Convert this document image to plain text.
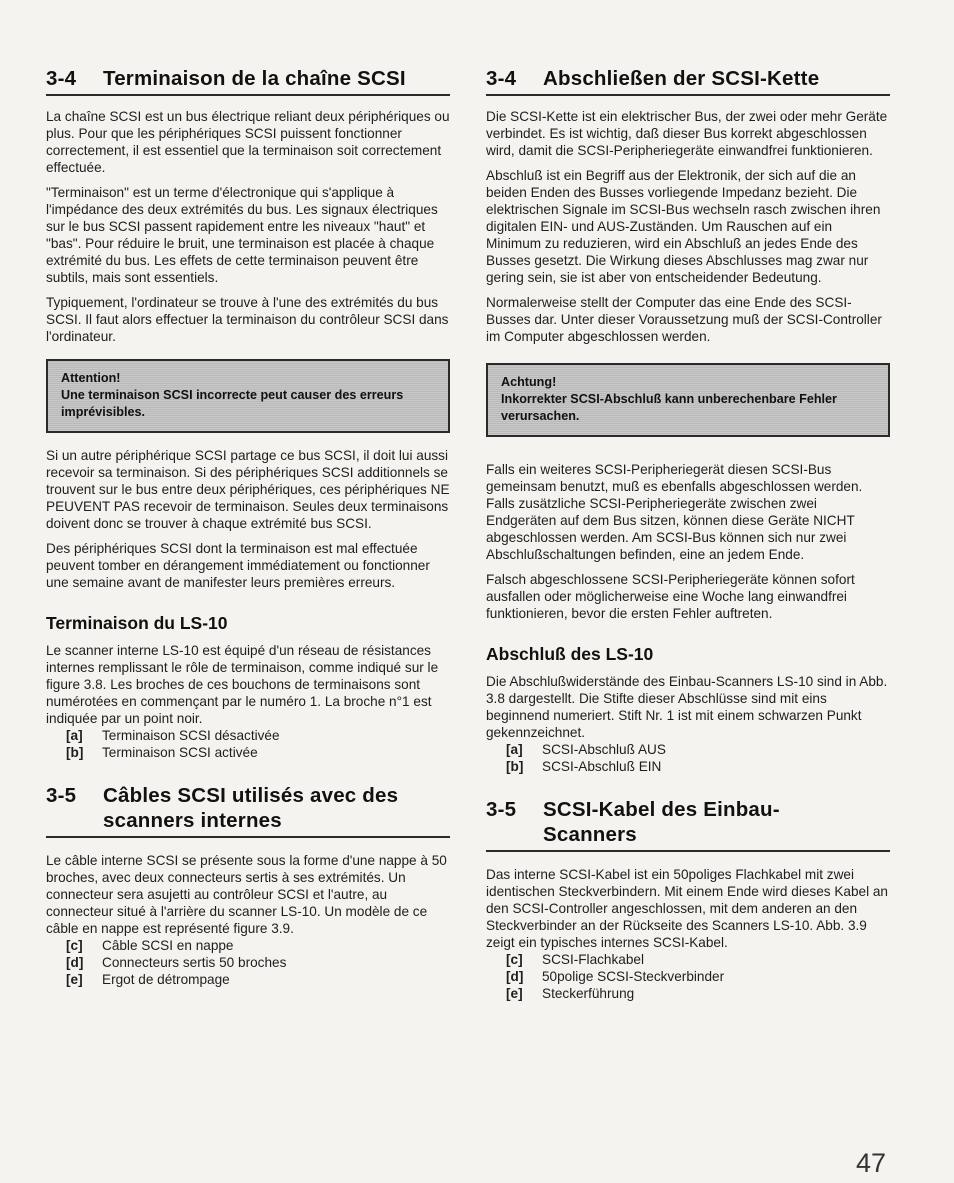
3-4	Terminaison de la chaîne SCSI

La chaîne SCSI est un bus électrique reliant deux périphériques ou plus. Pour que les périphériques SCSI puissent fonctionner correctement, il est essentiel que la terminaison soit correctement effectuée.

"Terminaison" est un terme d'électronique qui s'applique à l'impédance des deux extrémités du bus. Les signaux électriques sur le bus SCSI passent rapidement entre les niveaux "haut" et "bas". Pour réduire le bruit, une terminaison est placée à chaque extrémité du bus. Les effets de cette terminaison peuvent être subtils, mais sont essentiels.

Typiquement, l'ordinateur se trouve à l'une des extrémités du bus SCSI. Il faut alors effectuer la terminaison du contrôleur SCSI dans l'ordinateur.

Attention!
Une terminaison SCSI incorrecte peut causer des erreurs imprévisibles.

Si un autre périphérique SCSI partage ce bus SCSI, il doit lui aussi recevoir sa terminaison. Si des périphériques SCSI additionnels se trouvent sur le bus entre deux périphériques, ces périphériques NE PEUVENT PAS recevoir de terminaison. Seules deux terminaisons doivent donc se trouver à chaque extrémité bus SCSI.

Des périphériques SCSI dont la terminaison est mal effectuée peuvent tomber en dérangement immédiatement ou fonctionner une semaine avant de manifester leurs premières erreurs.

Terminaison du LS-10

Le scanner interne LS-10 est équipé d'un réseau de résistances internes remplissant le rôle de terminaison, comme indiqué sur le figure 3.8. Les broches de ces bouchons de terminaisons sont numérotées en commençant par le numéro 1. La broche n°1 est indiquée par un point noir.

[a]	Terminaison SCSI désactivée
[b]	Terminaison SCSI activée
3-5	Câbles SCSI utilisés avec des
scanners internes

Le câble interne SCSI se présente sous la forme d'une nappe à 50 broches, avec deux connecteurs sertis à ses extrémités. Un connecteur sera asujetti au contrôleur SCSI et l'autre, au connecteur situé à l'arrière du scanner LS-10. Un modèle de ce câble en nappe est représenté figure 3.9.

[c]	Câble SCSI en nappe
[d]	Connecteurs sertis 50 broches
[e]	Ergot de détrompage
3-4	Abschließen der SCSI-Kette

Die SCSI-Kette ist ein elektrischer Bus, der zwei oder mehr Geräte verbindet. Es ist wichtig, daß dieser Bus korrekt abgeschlossen wird, damit die SCSI-Peripheriegeräte einwandfrei funktionieren.

Abschluß ist ein Begriff aus der Elektronik, der sich auf die an beiden Enden des Busses vorliegende Impedanz bezieht. Die elektrischen Signale im SCSI-Bus wechseln rasch zwischen ihren digitalen EIN- und AUS-Zuständen. Um Rauschen auf ein Minimum zu reduzieren, wird ein Abschluß an jedes Ende des Busses gesetzt. Die Wirkung dieses Abschlusses mag zwar nur gering sein, sie ist aber von entscheidender Bedeutung.

Normalerweise stellt der Computer das eine Ende des SCSI-Busses dar. Unter dieser Voraussetzung muß der SCSI-Controller im Computer abgeschlossen werden.

Achtung!
Inkorrekter SCSI-Abschluß kann unberechenbare Fehler verursachen.

Falls ein weiteres SCSI-Peripheriegerät diesen SCSI-Bus gemeinsam benutzt, muß es ebenfalls abgeschlossen werden. Falls zusätzliche SCSI-Peripheriegeräte zwischen zwei Endgeräten auf dem Bus sitzen, können diese Geräte NICHT abgeschlossen werden. Am SCSI-Bus können sich nur zwei Abschlußschaltungen befinden, eine an jedem Ende.

Falsch abgeschlossene SCSI-Peripheriegeräte können sofort ausfallen oder möglicherweise eine Woche lang einwandfrei funktionieren, bevor die ersten Fehler auftreten.

Abschluß des LS-10

Die Abschlußwiderstände des Einbau-Scanners LS-10 sind in Abb. 3.8 dargestellt. Die Stifte dieser Abschlüsse sind mit eins beginnend numeriert. Stift Nr. 1 ist mit einem schwarzen Punkt gekennzeichnet.

[a]	SCSI-Abschluß AUS
[b]	SCSI-Abschluß EIN
3-5	SCSI-Kabel des Einbau-
Scanners

Das interne SCSI-Kabel ist ein 50poliges Flachkabel mit zwei identischen Steckverbindern. Mit einem Ende wird dieses Kabel an den SCSI-Controller angeschlossen, mit dem anderen an den Steckverbinder an der Rückseite des Scanners LS-10. Abb. 3.9 zeigt ein typisches internes SCSI-Kabel.

[c]	SCSI-Flachkabel
[d]	50polige SCSI-Steckverbinder
[e]	Steckerführung
47
